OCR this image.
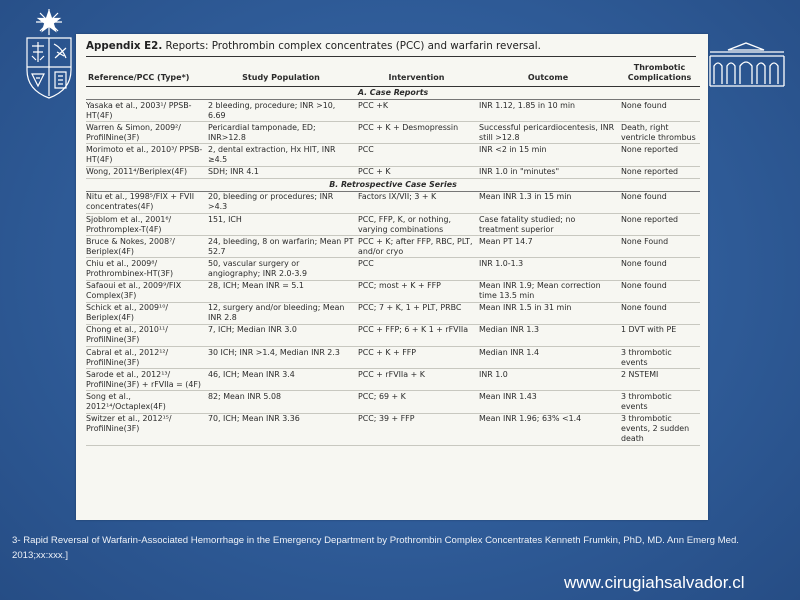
Appendix E2. Reports: Prothrombin complex concentrates (PCC) and warfarin reversal.
Reference/PCC (Type*)	Study Population	Intervention	Outcome	Thrombotic Complications
A. Case Reports				
Yasaka et al., 2003¹/ PPSB-HT(4F)	2 bleeding, procedure; INR >10, 6.69	PCC +K	INR 1.12, 1.85 in 10 min	None found
Warren & Simon, 2009²/ ProfilNine(3F)	Pericardial tamponade, ED; INR>12.8	PCC + K + Desmopressin	Successful pericardiocentesis, INR still >12.8	Death, right ventricle thrombus
Morimoto et al., 2010³/ PPSB-HT(4F)	2, dental extraction, Hx HIT, INR ≥4.5	PCC	INR <2 in 15 min	None reported
Wong, 2011⁴/Beriplex(4F)	SDH; INR 4.1	PCC + K	INR 1.0 in "minutes"	None reported
B. Retrospective Case Series				
Nitu et al., 1998⁵/FIX + FVII concentrates(4F)	20, bleeding or procedures; INR >4.3	Factors IX/VII; 3 + K	Mean INR 1.3 in 15 min	None found
Sjoblom et al., 2001⁶/ Prothromplex-T(4F)	151, ICH	PCC, FFP, K, or nothing, varying combinations	Case fatality studied; no treatment superior	None reported
Bruce & Nokes, 2008⁷/ Beriplex(4F)	24, bleeding, 8 on warfarin; Mean PT 52.7	PCC + K; after FFP, RBC, PLT, and/or cryo	Mean PT 14.7	None Found
Chiu et al., 2009⁸/ Prothrombinex-HT(3F)	50, vascular surgery or angiography; INR 2.0-3.9	PCC	INR 1.0-1.3	None found
Safaoui et al., 2009⁹/FIX Complex(3F)	28, ICH; Mean INR = 5.1	PCC; most + K + FFP	Mean INR 1.9; Mean correction time 13.5 min	None found
Schick et al., 2009¹⁰/ Beriplex(4F)	12, surgery and/or bleeding; Mean INR 2.8	PCC; 7 + K, 1 + PLT, PRBC	Mean INR 1.5 in 31 min	None found
Chong et al., 2010¹¹/ ProfilNine(3F)	7, ICH; Median INR 3.0	PCC + FFP; 6 + K 1 + rFVIIa	Median INR 1.3	1 DVT with PE
Cabral et al., 2012¹²/ ProfilNine(3F)	30 ICH; INR >1.4, Median INR 2.3	PCC + K + FFP	Median INR 1.4	3 thrombotic events
Sarode et al., 2012¹³/ ProfilNine(3F) + rFVIIa = (4F)	46, ICH; Mean INR 3.4	PCC + rFVIIa + K	INR 1.0	2 NSTEMI
Song et al., 2012¹⁴/Octaplex(4F)	82; Mean INR 5.08	PCC; 69 + K	Mean INR 1.43	3 thrombotic events
Switzer et al., 2012¹⁵/ ProfilNine(3F)	70, ICH; Mean INR 3.36	PCC; 39 + FFP	Mean INR 1.96; 63% <1.4	3 thrombotic events, 2 sudden death
3- Rapid Reversal of Warfarin-Associated Hemorrhage in the Emergency Department by Prothrombin Complex Concentrates Kenneth Frumkin, PhD, MD. Ann Emerg Med. 2013;xx:xxx.]
www.cirugiahsalvador.cl
